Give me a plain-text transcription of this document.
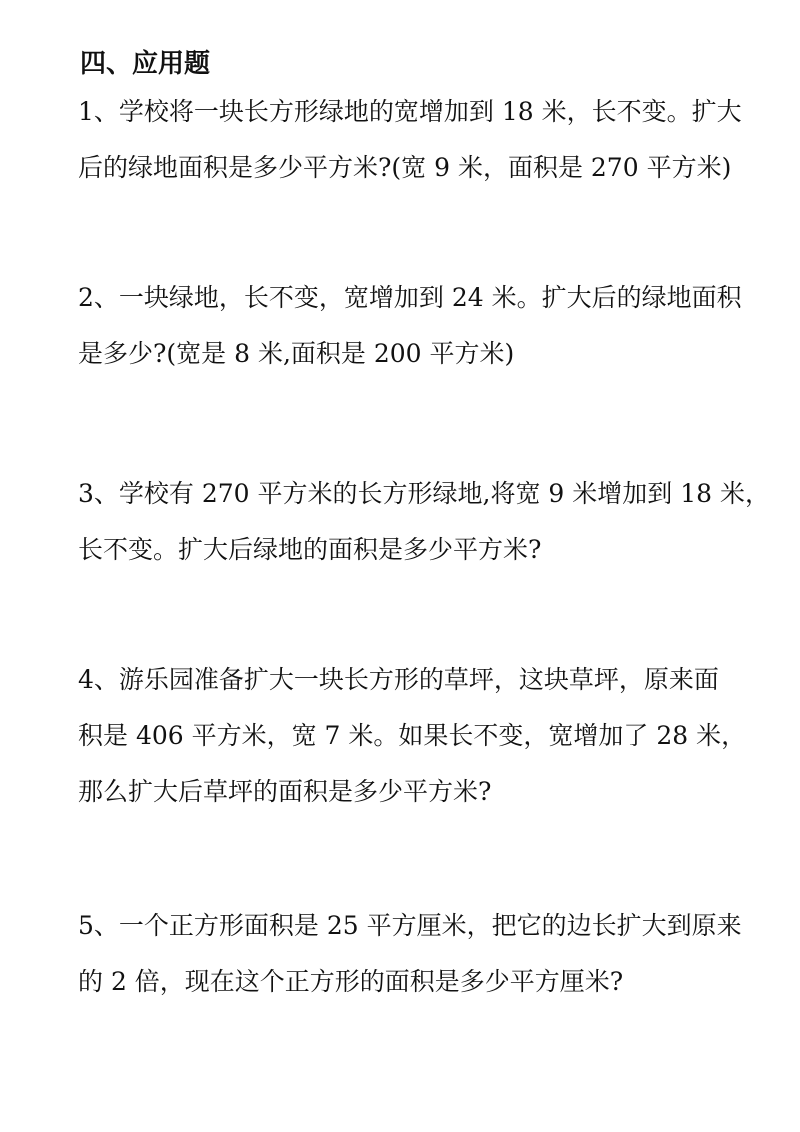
四、应用题
1、学校将一块长方形绿地的宽增加到 18 米，长不变。扩大
后的绿地面积是多少平方米?(宽 9 米，面积是 270 平方米)
2、一块绿地，长不变，宽增加到 24 米。扩大后的绿地面积
是多少?(宽是 8 米,面积是 200 平方米)
3、学校有 270 平方米的长方形绿地,将宽 9 米增加到 18 米，
长不变。扩大后绿地的面积是多少平方米?
4、游乐园准备扩大一块长方形的草坪，这块草坪，原来面
积是 406 平方米，宽 7 米。如果长不变，宽增加了 28 米，
那么扩大后草坪的面积是多少平方米?
5、一个正方形面积是 25 平方厘米，把它的边长扩大到原来
的 2 倍，现在这个正方形的面积是多少平方厘米?
